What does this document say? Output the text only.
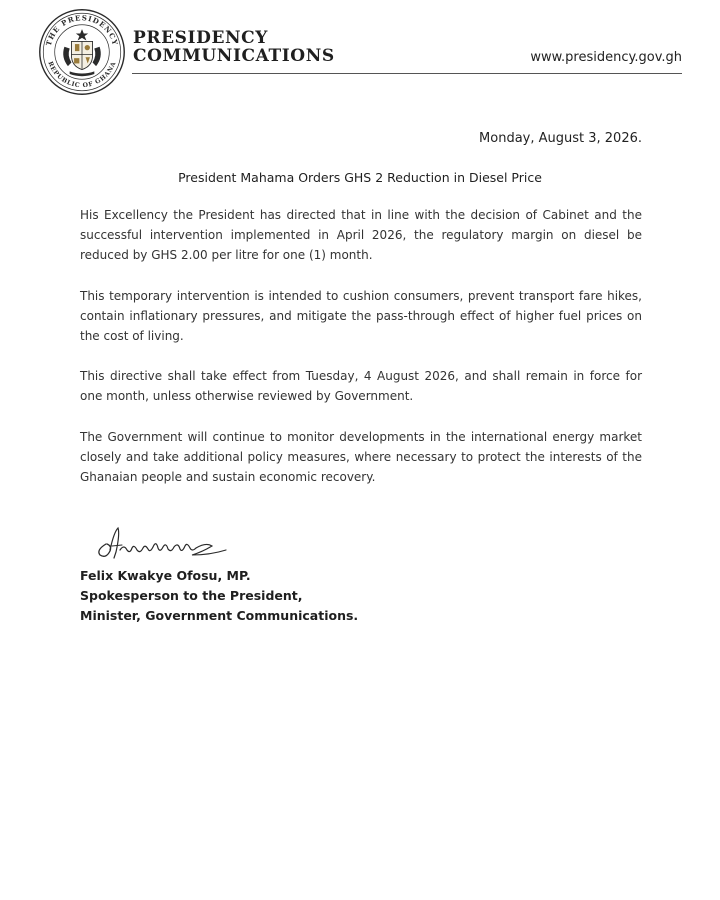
THE PRESIDENCY
REPUBLIC OF GHANA
PRESIDENCY
COMMUNICATIONS	www.presidency.gov.gh
Monday, August 3, 2026.
President Mahama Orders GHS 2 Reduction in Diesel Price
His Excellency the President has directed that in line with the decision of Cabinet and the successful intervention implemented in April 2026, the regulatory margin on diesel be reduced by GHS 2.00 per litre for one (1) month.
This temporary intervention is intended to cushion consumers, prevent transport fare hikes, contain inflationary pressures, and mitigate the pass-through effect of higher fuel prices on the cost of living.
This directive shall take effect from Tuesday, 4 August 2026, and shall remain in force for one month, unless otherwise reviewed by Government.
The Government will continue to monitor developments in the international energy market closely and take additional policy measures, where necessary to protect the interests of the Ghanaian people and sustain economic recovery.
Felix Kwakye Ofosu, MP.
Spokesperson to the President,
Minister, Government Communications.
